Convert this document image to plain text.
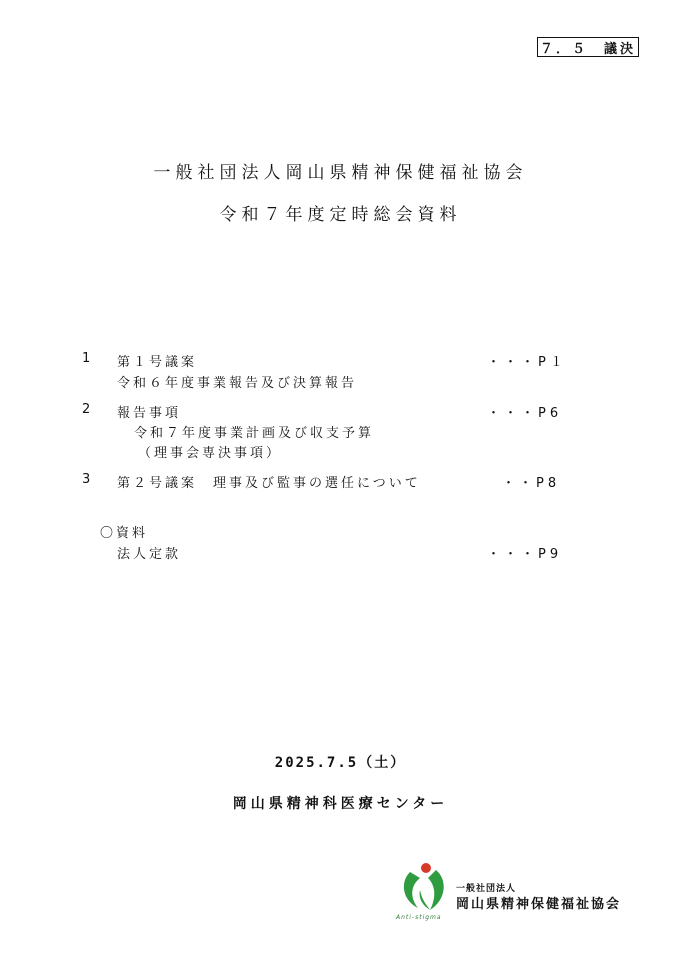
７．５　議決
一般社団法人岡山県精神保健福祉協会
令和７年度定時総会資料
1 第１号議案	・・・P１
令和６年度事業報告及び決算報告
2 報告事項	・・・P6
令和７年度事業計画及び収支予算
（理事会専決事項）
3 第２号議案　理事及び監事の選任について	・・P8
〇資料
法人定款	・・・P9
2025.7.5（土）
岡山県精神科医療センター
Anti-stigma
一般社団法人
岡山県精神保健福祉協会
